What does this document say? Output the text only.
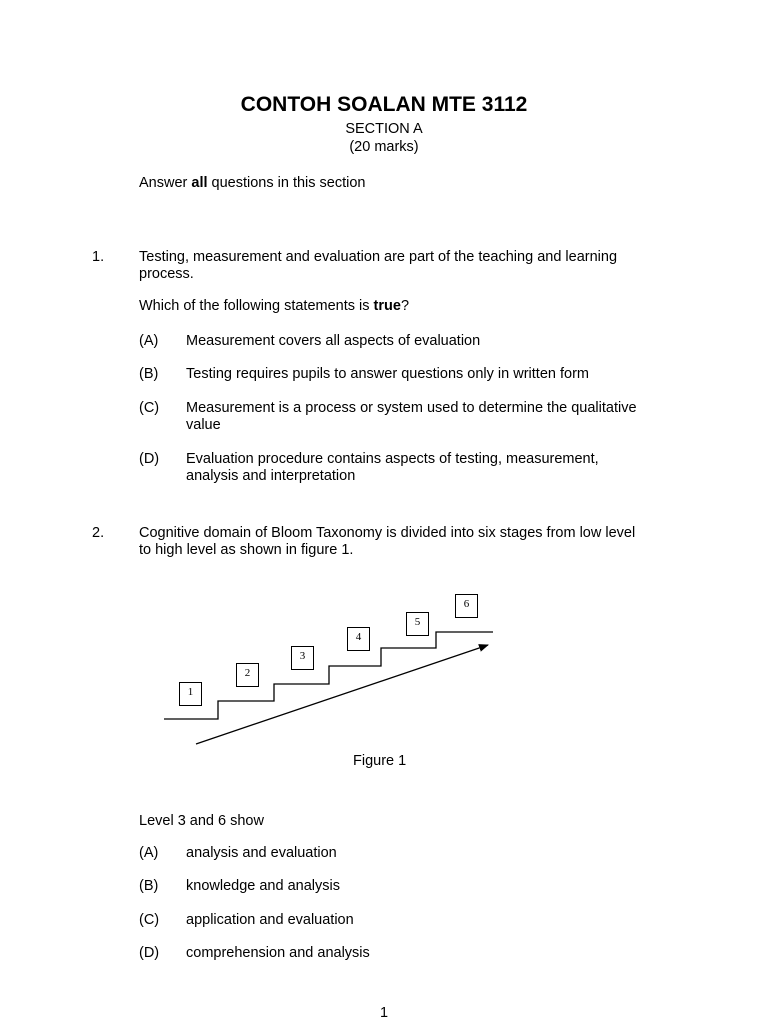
CONTOH SOALAN MTE 3112
SECTION A
(20 marks)
Answer all questions in this section
1. Testing, measurement and evaluation are part of the teaching and learning
process.
Which of the following statements is true?
(A) Measurement covers all aspects of evaluation
(B) Testing requires pupils to answer questions only in written form
(C) Measurement is a process or system used to determine the qualitative
value
(D) Evaluation procedure contains aspects of testing, measurement,
analysis and interpretation
2. Cognitive domain of Bloom Taxonomy is divided into six stages from low level
to high level as shown in figure 1.
1
2
3
4
5
6
Figure 1
Level 3 and 6 show
(A) analysis and evaluation
(B) knowledge and analysis
(C) application and evaluation
(D) comprehension and analysis
1
